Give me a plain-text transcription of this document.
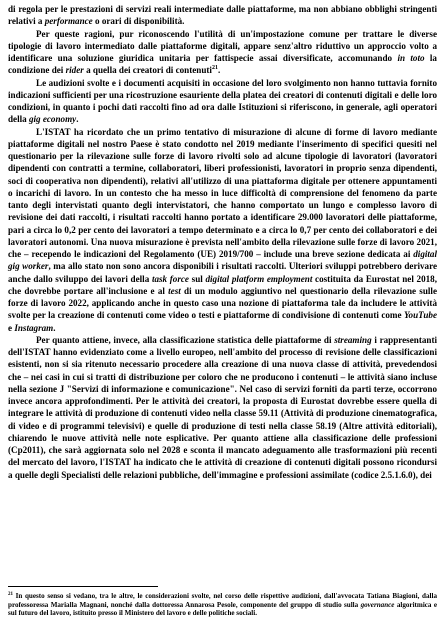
di regola per le prestazioni di servizi reali intermediate dalle piattaforme, ma non abbiano obblighi stringenti relativi a performance o orari di disponibilità.

Per queste ragioni, pur riconoscendo l'utilità di un'impostazione comune per trattare le diverse tipologie di lavoro intermediato dalle piattaforme digitali, appare senz'altro riduttivo un approccio volto a identificare una soluzione giuridica unitaria per fattispecie assai diversificate, accomunando in toto la condizione dei rider a quella dei creatori di contenuti$^{21}$.

Le audizioni svolte e i documenti acquisiti in occasione del loro svolgimento non hanno tuttavia fornito indicazioni sufficienti per una ricostruzione esauriente della platea dei creatori di contenuti digitali e delle loro condizioni, in quanto i pochi dati raccolti fino ad ora dalle Istituzioni si riferiscono, in generale, agli operatori della gig economy.

L'ISTAT ha ricordato che un primo tentativo di misurazione di alcune di forme di lavoro mediante piattaforme digitali nel nostro Paese è stato condotto nel 2019 mediante l'inserimento di specifici quesiti nel questionario per la rilevazione sulle forze di lavoro rivolti solo ad alcune tipologie di lavoratori (lavoratori dipendenti con contratti a termine, collaboratori, liberi professionisti, lavoratori in proprio senza dipendenti, soci di cooperativa non dipendenti), relativi all'utilizzo di una piattaforma digitale per ottenere appuntamenti o incarichi di lavoro. In un contesto che ha messo in luce difficoltà di comprensione del fenomeno da parte tanto degli intervistati quanto degli intervistatori, che hanno comportato un lungo e complesso lavoro di revisione dei dati raccolti, i risultati raccolti hanno portato a identificare 29.000 lavoratori delle piattaforme, pari a circa lo 0,2 per cento dei lavoratori a tempo determinato e a circa lo 0,7 per cento dei collaboratori e dei lavoratori autonomi. Una nuova misurazione è prevista nell'ambito della rilevazione sulle forze di lavoro 2021, che – recependo le indicazioni del Regolamento (UE) 2019/700 – include una breve sezione dedicata ai digital gig worker, ma allo stato non sono ancora disponibili i risultati raccolti. Ulteriori sviluppi potrebbero derivare anche dallo sviluppo dei lavori della task force sul digital platform employment costituita da Eurostat nel 2018, che dovrebbe portare all'inclusione e al test di un modulo aggiuntivo nel questionario della rilevazione sulle forze di lavoro 2022, applicando anche in questo caso una nozione di piattaforma tale da includere le attività svolte per la creazione di contenuti come video o testi e piattaforme di condivisione di contenuti come YouTube e Instagram.

Per quanto attiene, invece, alla classificazione statistica delle piattaforme di streaming i rappresentanti dell'ISTAT hanno evidenziato come a livello europeo, nell'ambito del processo di revisione delle classificazioni esistenti, non si sia ritenuto necessario procedere alla creazione di una nuova classe di attività, prevedendosi che – nei casi in cui si tratti di distribuzione per coloro che ne producono i contenuti – le attività siano incluse nella sezione J "Servizi di informazione e comunicazione". Nel caso di servizi forniti da parti terze, occorrono invece ancora approfondimenti. Per le attività dei creatori, la proposta di Eurostat dovrebbe essere quella di integrare le attività di produzione di contenuti video nella classe 59.11 (Attività di produzione cinematografica, di video e di programmi televisivi) e quelle di produzione di testi nella classe 58.19 (Altre attività editoriali), chiarendo le nuove attività nelle note esplicative. Per quanto attiene alla classificazione delle professioni (Cp2011), che sarà aggiornata solo nel 2028 e sconta il mancato adeguamento alle trasformazioni più recenti del mercato del lavoro, l'ISTAT ha indicato che le attività di creazione di contenuti digitali possono ricondursi a quelle degli Specialisti delle relazioni pubbliche, dell'immagine e professioni assimilate (codice 2.5.1.6.0), dei

$^{21}$ In questo senso si vedano, tra le altre, le considerazioni svolte, nel corso delle rispettive audizioni, dall'avvocata Tatiana Biagioni, dalla professoressa Marialla Magnani, nonché dalla dottoressa Annarosa Pesole, componente del gruppo di studio sulla governance algoritmica e sul futuro del lavoro, istituito presso il Ministero del lavoro e delle politiche sociali.
